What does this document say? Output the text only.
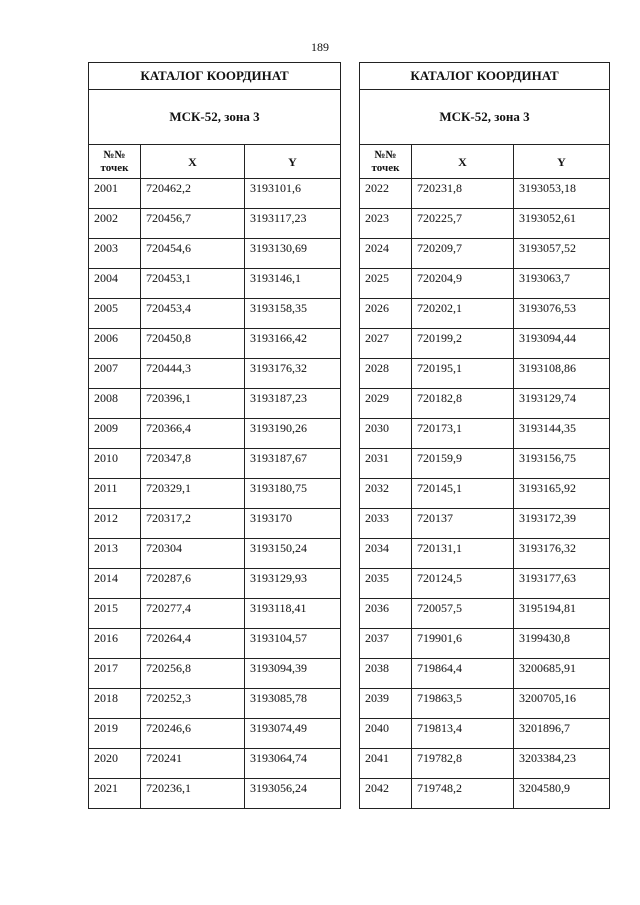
189
КАТАЛОГ КООРДИНАТ		
МСК-52, зона 3		
№№ точек	X	Y
2001	720462,2	3193101,6
2002	720456,7	3193117,23
2003	720454,6	3193130,69
2004	720453,1	3193146,1
2005	720453,4	3193158,35
2006	720450,8	3193166,42
2007	720444,3	3193176,32
2008	720396,1	3193187,23
2009	720366,4	3193190,26
2010	720347,8	3193187,67
2011	720329,1	3193180,75
2012	720317,2	3193170
2013	720304	3193150,24
2014	720287,6	3193129,93
2015	720277,4	3193118,41
2016	720264,4	3193104,57
2017	720256,8	3193094,39
2018	720252,3	3193085,78
2019	720246,6	3193074,49
2020	720241	3193064,74
2021	720236,1	3193056,24
КАТАЛОГ КООРДИНАТ		
МСК-52, зона 3		
№№ точек	X	Y
2022	720231,8	3193053,18
2023	720225,7	3193052,61
2024	720209,7	3193057,52
2025	720204,9	3193063,7
2026	720202,1	3193076,53
2027	720199,2	3193094,44
2028	720195,1	3193108,86
2029	720182,8	3193129,74
2030	720173,1	3193144,35
2031	720159,9	3193156,75
2032	720145,1	3193165,92
2033	720137	3193172,39
2034	720131,1	3193176,32
2035	720124,5	3193177,63
2036	720057,5	3195194,81
2037	719901,6	3199430,8
2038	719864,4	3200685,91
2039	719863,5	3200705,16
2040	719813,4	3201896,7
2041	719782,8	3203384,23
2042	719748,2	3204580,9
